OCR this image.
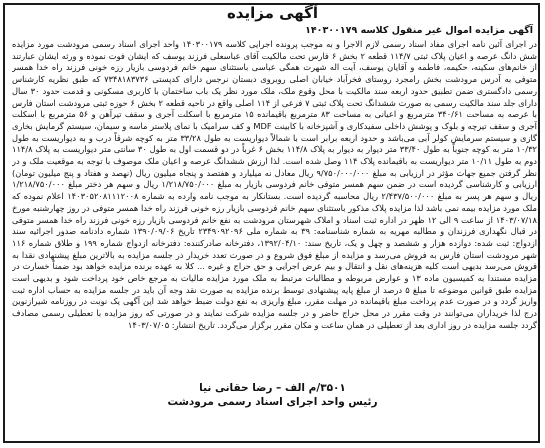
آگهی مزایده
آگهی مزایده اموال غیر منقول کلاسه ۱۴۰۳۰۰۱۷۹

در اجرای آئین نامه اجرای مفاد اسناد رسمی لازم الاجرا و به موجب پرونده اجرایی کلاسه ۱۴۰۳۰۰۱۷۹ واحد اجرای اسناد رسمی مرودشت مورد مزایده شش دانگ عرصه و اعیان پلاک ثبتی ۱۱۴/۷ قطعه ۲ بخش ۶ فارس تحت مالکیت آقای عباسعلی فرزند یوسف که ایشان فوت نموده و ورثه ایشان عبارتند از خانم‌های سکینه، حکیمه، فاطمه و آقایان یوسف، آیت اله شهرت همگی عباسی باستثنای سهم خانم فردوسی بازیار رزه خونی فرزند راه خدا همسر متوفی به آدرس مرودشت بخش رامجرد روستای فخرآباد خیابان اصلی روبروی دبستان نرجس دارای کدپستی ۷۳۴۸۱۸۳۷۳۶ که طبق نظریه کارشناس رسمی دادگستری ضمن تطبیق حدود اربعه سند مالکیت با محل وقوع ملک، ملک مورد نظر یک باب ساختمان با کاربری مسکونی و قدمت حدود ۳۰ سال دارای جلد سند مالکیت رسمی به صورت ششدانگ تحت پلاک ثبتی ۷ فرعی از ۱۱۴ اصلی واقع در ناحیه قطعه ۲ بخش ۶ حوزه ثبتی مرودشت استان فارس با عرصه به مساحت ۳۴۰/۶۱ مترمربع و اعیانی به مساحت ۸۳ مترمربع باقیمانده ۱۵ مترمربع با اسکلت آجری و سقف تیرآهن و ۵۶ مترمربع با اسکلت آجری و سقف تیرچه و بلوک و پوشش داخلی سفیدکاری و آشپزخانه با کابینت MDF و کف سرامیک با نمای پلاستر ماسه و سیمان، سیستم گرمایش بخاری گازی و سیستم سرمایش کولر آبی می‌باشد و حدود اربعه برابر است با شمالاً دیواریست به طول ۳۳/۲۸ متر به کوچه شرقاً درب و به دیواریست به طول ۱۰/۳۲ متر به کوچه جنوباً به طول ۳۳/۴۰ متر دیوار به دیوار به پلاک ۱۱۴/۸ بخش ۶ غرباً در دو قسمت اول به طول ۳۰ سانتی متر دیواریست به پلاک ۱۱۴/۸ دوم به طول ۱۰/۱۱ متر دیواریست به باقیمانده پلاک ۱۱۴ وصل شده است. لذا ارزش ششدانگ عرصه و اعیان ملک موصوف با توجه به موقعیت ملک و در نظر گرفتن جمیع جهات مؤثر در ارزیابی به مبلغ ۹/۷۵۰/۰۰۰/۰۰۰ ریال معادل نه میلیارد و هفتصد و پنجاه میلیون ریال (نهصد و هفتاد و پنج میلیون تومان) ارزیابی و کارشناسی گردیده است در ضمن سهم همسر متوفی خانم فردوسی بازیار به مبلغ ۱/۲۱۸/۷۵۰/۰۰۰ ریال و سهم هر دختر مبلغ ۱/۲۱۸/۷۵۰/۰۰۰ ریال و سهم هر پسر به مبلغ ۲/۴۳۷/۵۰۰/۰۰۰ ریال محاسبه گردیده است. بستانکار به موجب نامه وارده به شماره ۱۴۰۳۰۵۲۰۸۱۱۱۲۰۰۸ اعلام نموده که ملک مورد مزایده بیمه نمی باشد لذا مزایده پلاک مذکور باستثنای سهم خانم فردوسی بازیار رزه خونی فرزند راه خدا همسر متوفی در روز چهارشنبه مورخ ۱۴۰۳/۰۷/۱۸ از ساعت ۹ الی ۱۲ ظهر در اداره ثبت اسناد و املاک شهرستان مرودشت به نفع خانم فردوسی بازیار رزه خونی فرزند راه خدا همسر متوفی در قبال نگهداری فرزندان و مطالبه مهریه به شماره شناسنامه: ۳۹ به شماره ملی ۲۳۴۹۰۹۲۰۹۶ تاریخ ۱۳۹۰/۰۹/۰۶ شماره دادنامه صدور اجرائیه سند ازدواج: ثبت شده: دوازده هزار و ششصد و چهل و یک، تاریخ سند: ۱۳۹۲/۰۴/۱۰، دفترخانه صادرکننده: دفترخانه ازدواج شماره ۱۹۹ و طلاق شماره ۱۱۶ شهر مرودشت استان فارس به فروش می‌رسد و مزایده از مبلغ فوق شروع و در صورت تعدد خریدار در جلسه مزایده به بالاترین مبلغ پیشنهادی نقدا به فروش می‌رسد بدیهی است کلیه هزینه‌های نقل و انتقال و بیم عرض اجرایی و حق حراج و غیره ... کلا به عهده برنده مزایده خواهد بود ضمناً خسارت در مزایده مستندا به کمیسیون ماده ۱۳ و عوارض مربوطه و مطالبات مرتبط به ملک مورد مزایده مالیات به مرجع خاص خود پرداخت شود و بدیهی است مزایده طبق قوانین موضوعه تا مبلغ ۵ درصد از مبلغ پایه پیشنهادی توسط برنده مزایده به صورت نقد وجه آن باید در جلسه مزایده به حساب اداره ثبت واریز گردد و در صورت عدم پرداخت مبلغ باقیمانده در مهلت مقرر، مبلغ واریزی به نفع دولت ضبط خواهد شد این آگهی یک نوبت در روزنامه شیرازنوین درج لذا خریداران می‌توانند در وقت مقرر در محل حراج حاضر و در جلسه مزایده شرکت نمایند و در صورتی که روز مزایده با تعطیلی رسمی مصادف گردد جلسه مزایده در روز اداری بعد از تعطیلی در همان ساعت و مکان مقرر برگزار می‌گردد. تاریخ انتشار: ۱۴۰۳/۰۷/۰۵

۳۵۰۱/م الف – رضا حقانی نیا
رئیس واحد اجرای اسناد رسمی مرودشت
